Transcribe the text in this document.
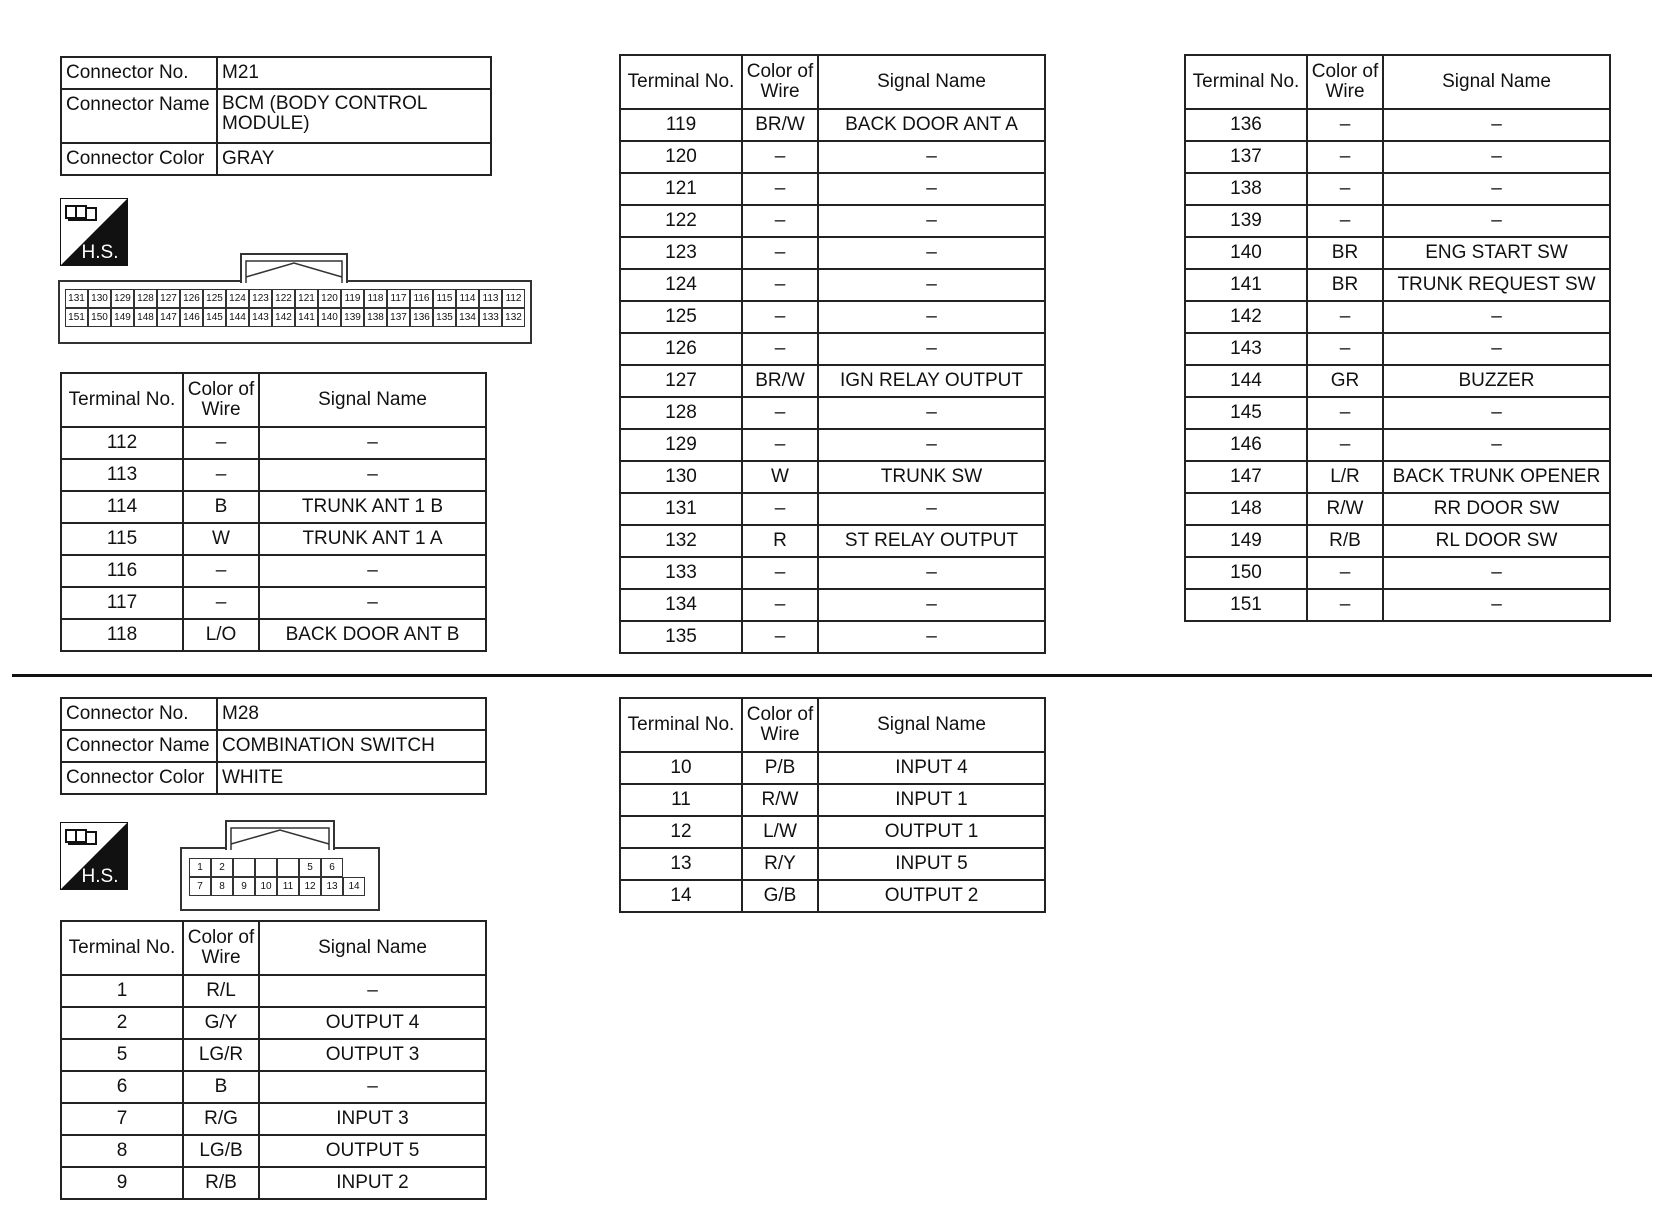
Connector No.	M21
Connector Name	BCM (BODY CONTROL MODULE)
Connector Color	GRAY
H.S.
131 130 129 128 127 126 125 124 123 122 121 120 119 118 117 116 115 114 113 112
151 150 149 148 147 146 145 144 143 142 141 140 139 138 137 136 135 134 133 132
Terminal No.	Color of Wire	Signal Name
112	–	–
113	–	–
114	B	TRUNK ANT 1 B
115	W	TRUNK ANT 1 A
116	–	–
117	–	–
118	L/O	BACK DOOR ANT B
Terminal No.	Color of Wire	Signal Name
119	BR/W	BACK DOOR ANT A
120	–	–
121	–	–
122	–	–
123	–	–
124	–	–
125	–	–
126	–	–
127	BR/W	IGN RELAY OUTPUT
128	–	–
129	–	–
130	W	TRUNK SW
131	–	–
132	R	ST RELAY OUTPUT
133	–	–
134	–	–
135	–	–
Terminal No.	Color of Wire	Signal Name
136	–	–
137	–	–
138	–	–
139	–	–
140	BR	ENG START SW
141	BR	TRUNK REQUEST SW
142	–	–
143	–	–
144	GR	BUZZER
145	–	–
146	–	–
147	L/R	BACK TRUNK OPENER
148	R/W	RR DOOR SW
149	R/B	RL DOOR SW
150	–	–
151	–	–
Connector No.	M28
Connector Name	COMBINATION SWITCH
Connector Color	WHITE
H.S.	1	2	5	6
7	8	9	10	11	12	13	14
Terminal No.	Color of Wire	Signal Name
1	R/L	–
2	G/Y	OUTPUT 4
5	LG/R	OUTPUT 3
6	B	–
7	R/G	INPUT 3
8	LG/B	OUTPUT 5
9	R/B	INPUT 2
Terminal No.	Color of Wire	Signal Name
10	P/B	INPUT 4
11	R/W	INPUT 1
12	L/W	OUTPUT 1
13	R/Y	INPUT 5
14	G/B	OUTPUT 2
